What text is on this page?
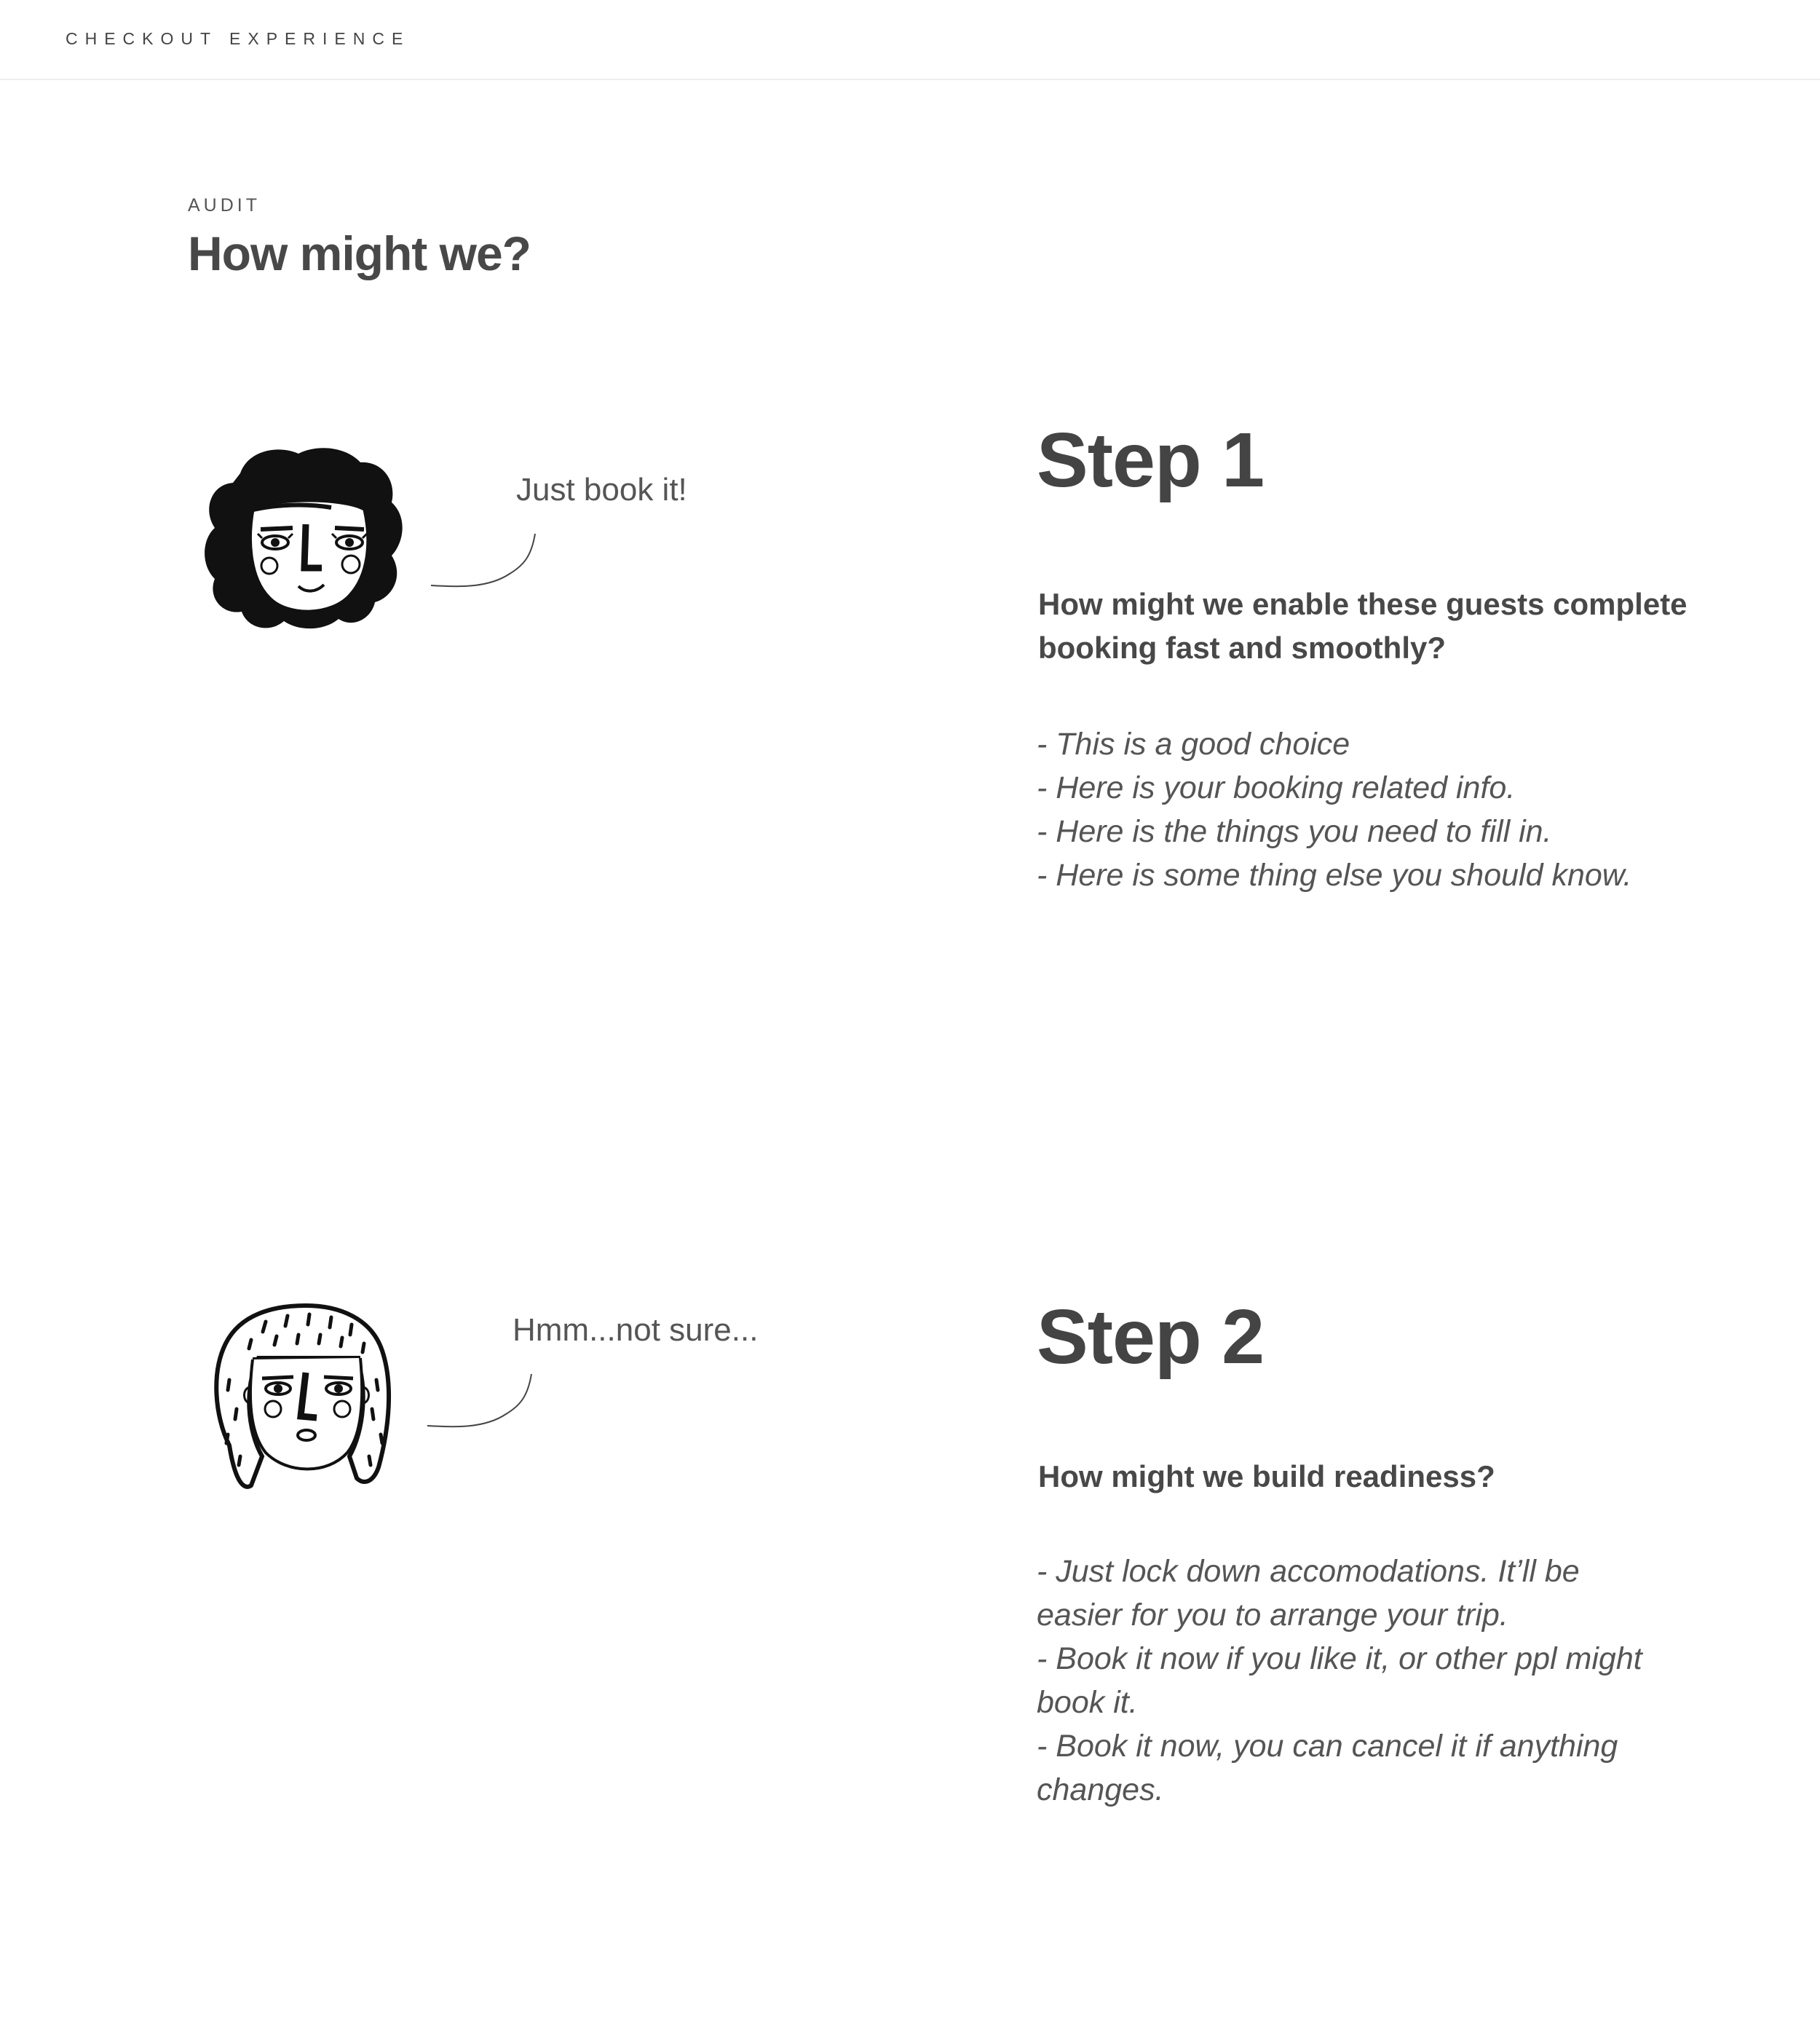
CHECKOUT EXPERIENCE
AUDIT
How might we?
Just book it!	Step 1
How might we enable these guests complete booking fast and smoothly?
- This is a good choice
- Here is your booking related info.
- Here is the things you need to fill in.
- Here is some thing else you should know.
Hmm...not sure...	Step 2
How might we build readiness?
- Just lock down accomodations. It’ll be easier for you to arrange your trip.
- Book it now if you like it, or other ppl might book it.
- Book it now, you can cancel it if anything changes.
